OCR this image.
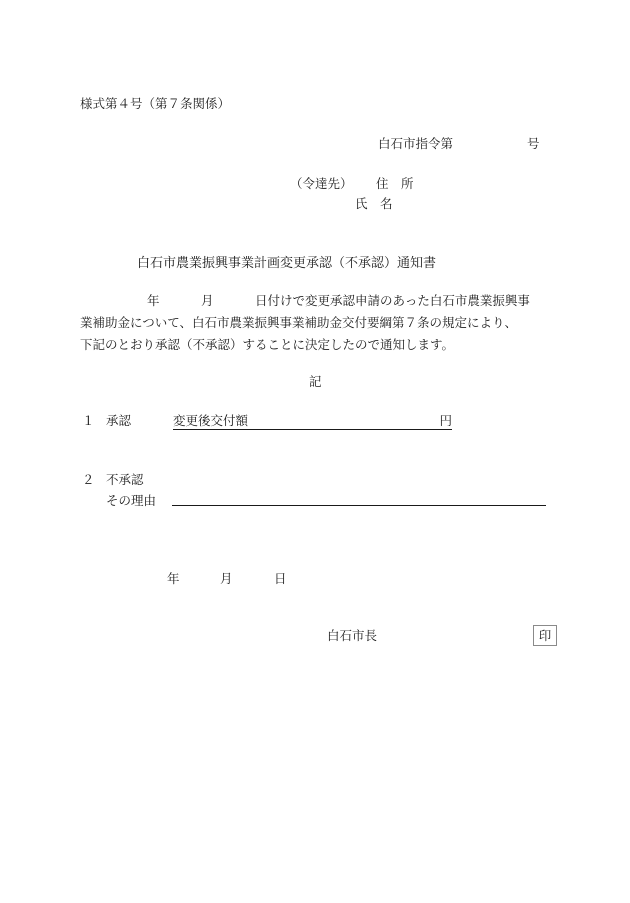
様式第４号（第７条関係）
白石市指令第	号
（令達先） 住　所
氏　名
白石市農業振興事業計画変更承認（不承認）通知書
年	月	日付けで変更承認申請のあった白石市農業振興事
業補助金について、白石市農業振興事業補助金交付要綱第７条の規定により、
下記のとおり承認（不承認）することに決定したので通知します。
記
１ 承認	変更後交付額	円

２ 不承認
その理由
年	月	日
白石市長	印
